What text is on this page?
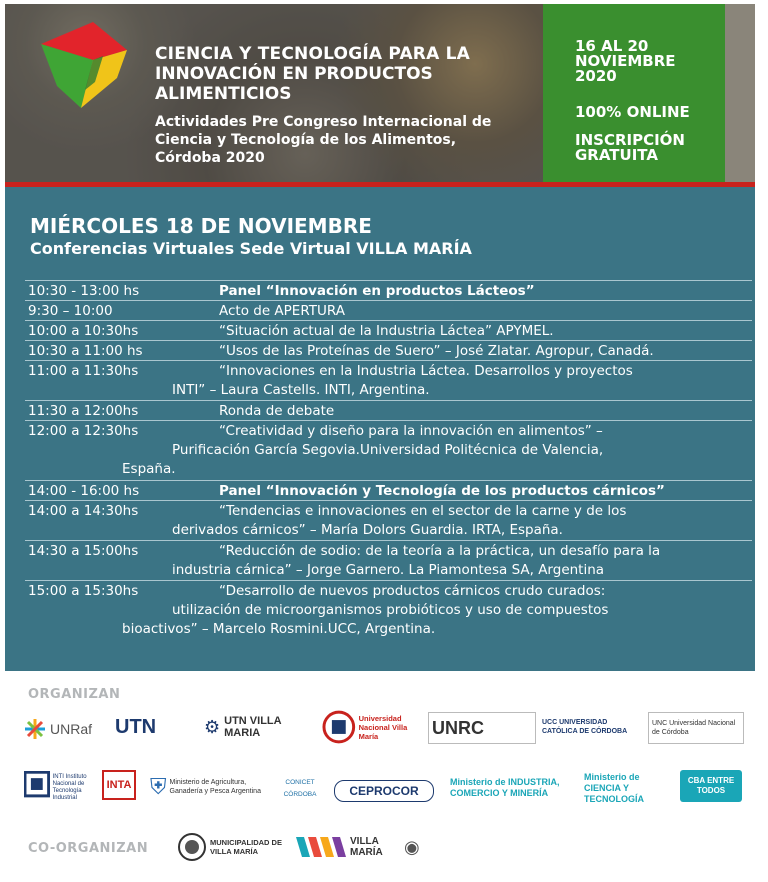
CIENCIA Y TECNOLOGÍA PARA LA
INNOVACIÓN EN PRODUCTOS
ALIMENTICIOS
Actividades Pre Congreso Internacional de
Ciencia y Tecnología de los Alimentos,
Córdoba 2020
16 AL 20
NOVIEMBRE
2020
100% ONLINE
INSCRIPCIÓN
GRATUITA
MIÉRCOLES 18 DE NOVIEMBRE
Conferencias Virtuales Sede Virtual VILLA MARÍA
10:30 - 13:00 hs	Panel “Innovación en productos Lácteos”
9:30 – 10:00	Acto de APERTURA
10:00 a 10:30hs	“Situación actual de la Industria Láctea” APYMEL.
10:30 a 11:00 hs	“Usos de las Proteínas de Suero” – José Zlatar. Agropur, Canadá.
11:00 a 11:30hs	“Innovaciones en la Industria Láctea. Desarrollos y proyectos
INTI” – Laura Castells. INTI, Argentina.
11:30 a 12:00hs	Ronda de debate
12:00 a 12:30hs	“Creatividad y diseño para la innovación en alimentos” –
Purificación García Segovia.Universidad Politécnica de Valencia,
España.
14:00 - 16:00 hs	Panel “Innovación y Tecnología de los productos cárnicos”
14:00 a 14:30hs	“Tendencias e innovaciones en el sector de la carne y de los
derivados cárnicos” – María Dolors Guardia. IRTA, España.
14:30 a 15:00hs	“Reducción de sodio: de la teoría a la práctica, un desafío para la
industria cárnica” – Jorge Garnero. La Piamontesa SA, Argentina
15:00 a 15:30hs	“Desarrollo de nuevos productos cárnicos crudo curados:
utilización de microorganismos probióticos y uso de compuestos
bioactivos” – Marcelo Rosmini.UCC, Argentina.
ORGANIZAN
UNRaf UTN	⚙ UTN VILLA MARIA
Universidad Nacional Villa María	UNRC	UCC UNIVERSIDAD CATÓLICA DE CÓRDOBA
UNC Universidad Nacional de Córdoba
INTI Instituto Nacional de Tecnología Industrial
INTA ⛨ Ministerio de Agricultura, Ganadería y Pesca Argentina
CONICET CÓRDOBA	CEPROCOR
Ministerio de INDUSTRIA, COMERCIO Y MINERÍA
Ministerio de CIENCIA Y TECNOLOGÍA
CBA ENTRE TODOS
CO-ORGANIZAN	MUNICIPALIDAD DE VILLA MARÍA
VILLA MARÍA	◉
